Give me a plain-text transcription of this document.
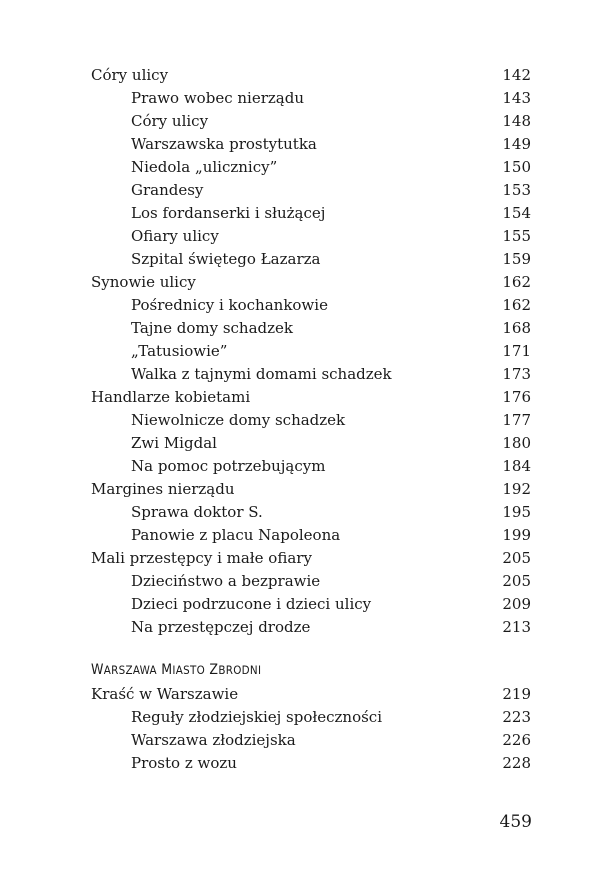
Córy ulicy	142
Prawo wobec nierządu	143
Córy ulicy	148
Warszawska prostytutka	149
Niedola „ulicznicy”	150
Grandesy	153
Los fordanserki i służącej	154
Ofiary ulicy	155
Szpital świętego Łazarza	159
Synowie ulicy	162
Pośrednicy i kochankowie	162
Tajne domy schadzek	168
„Tatusiowie”	171
Walka z tajnymi domami schadzek	173
Handlarze kobietami	176
Niewolnicze domy schadzek	177
Zwi Migdal	180
Na pomoc potrzebującym	184
Margines nierządu	192
Sprawa doktor S.	195
Panowie z placu Napoleona	199
Mali przestępcy i małe ofiary	205
Dzieciństwo a bezprawie	205
Dzieci podrzucone i dzieci ulicy	209
Na przestępczej drodze	213
WARSZAWA MIASTO ZBRODNI
Kraść w Warszawie	219
Reguły złodziejskiej społeczności	223
Warszawa złodziejska	226
Prosto z wozu	228
459
